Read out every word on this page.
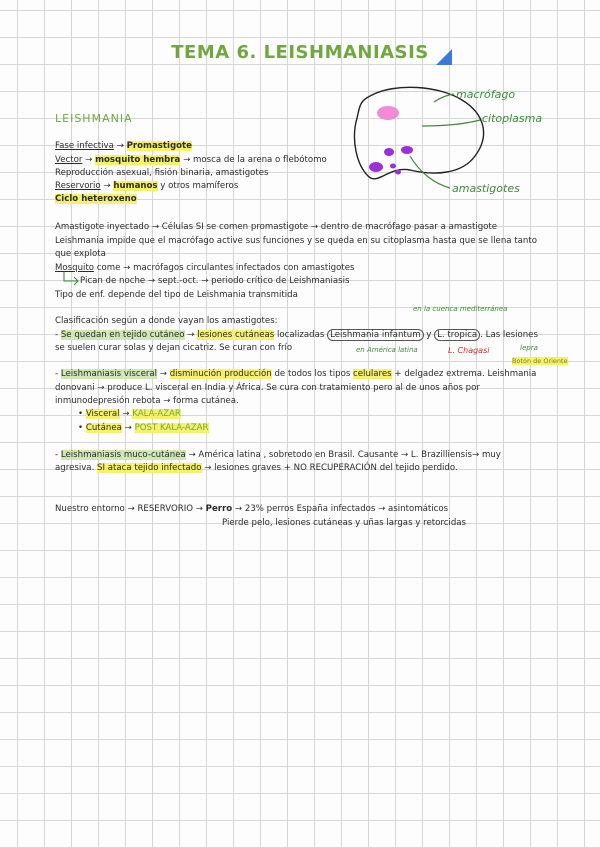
TEMA 6. LEISHMANIASIS
LEISHMANIA
macrófago
citoplasma
amastigotes
Fase infectiva → Promastigote
Vector → mosquito hembra → mosca de la arena o flebótomo
Reproducción asexual, fisión binaria, amastigotes
Reservorio → humanos y otros mamíferos
Ciclo heteroxeno
Amastigote inyectado → Células SI se comen promastigote → dentro de macrófago pasar a amastigote
Leishmania impide que el macrófago active sus funciones y se queda en su citoplasma hasta que se llena tanto
que explota
Mosquito come → macrófagos circulantes infectados con amastigotes
Pican de noche → sept.-oct. → periodo crítico de Leishmaniasis
Tipo de enf. depende del tipo de Leishmania transmitida
Clasificación según a donde vayan los amastigotes:
en la cuenca mediterránea
- Se quedan en tejido cutáneo → lesiones cutáneas localizadas Leishmania infantum y L. tropica . Las lesiones
se suelen curar solas y dejan cicatriz. Se curan con frío	en América latina	L. Chagasi	lepra
Botón de Oriente
- Leishmaniasis visceral → disminución producción de todos los tipos celulares + delgadez extrema. Leishmania
donovani → produce L. visceral en India y África. Se cura con tratamiento pero al de unos años por
inmunodepresión rebota → forma cutánea.
• Visceral → KALA-AZAR
• Cutánea → POST KALA-AZAR
- Leishmaniasis muco-cutánea → América latina , sobretodo en Brasil. Causante → L. Brazilliensis→ muy
agresiva. SI ataca tejido infectado → lesiones graves + NO RECUPERACIÓN del tejido perdido.
Nuestro entorno → RESERVORIO → Perro → 23% perros España infectados → asintomáticos
Pierde pelo, lesiones cutáneas y uñas largas y retorcidas
